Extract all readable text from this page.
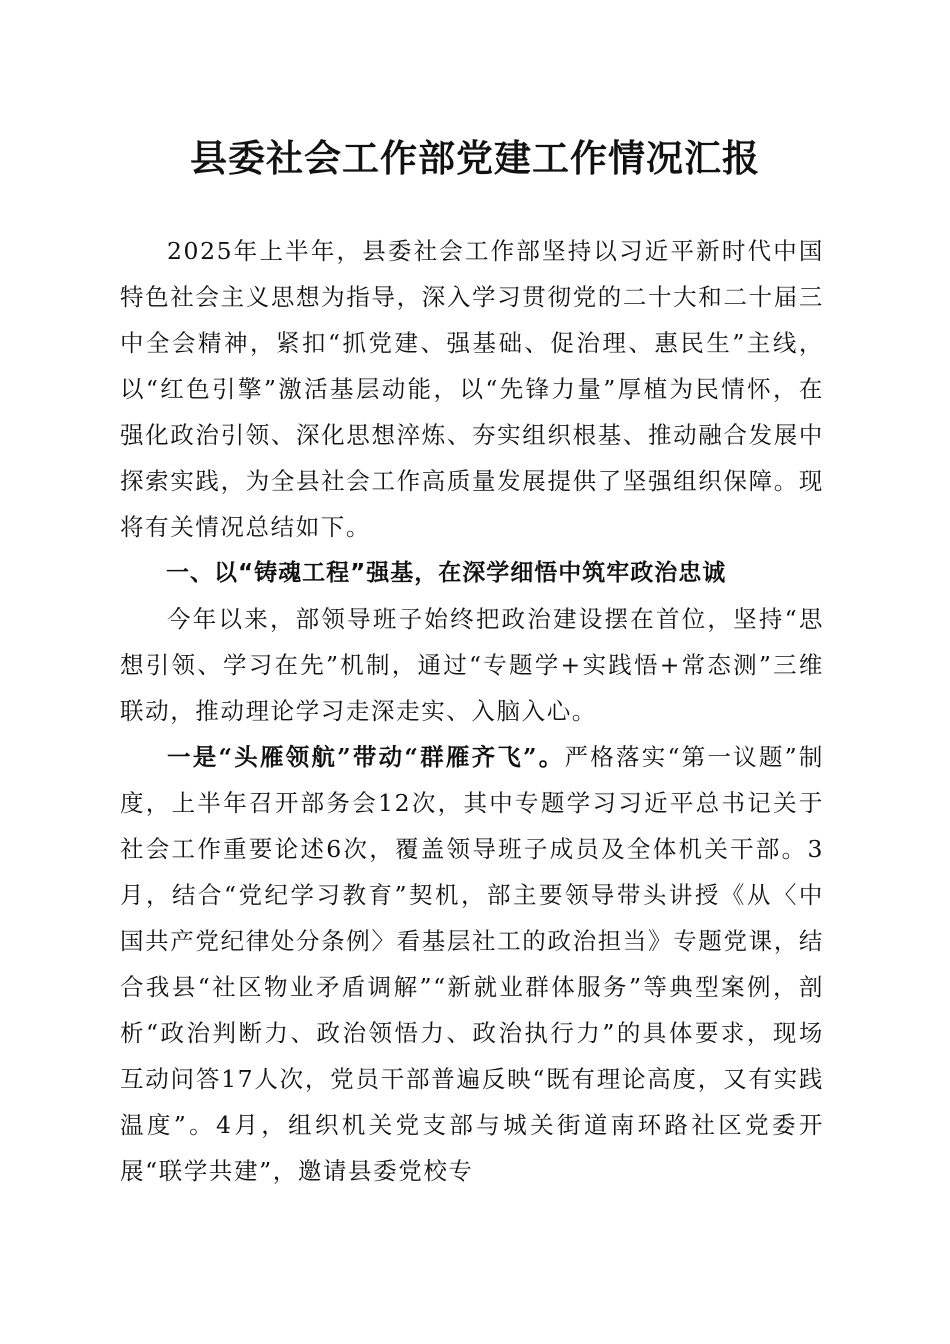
县委社会工作部党建工作情况汇报

2025年上半年，县委社会工作部坚持以习近平新时代中国特色社会主义思想为指导，深入学习贯彻党的二十大和二十届三中全会精神，紧扣“抓党建、强基础、促治理、惠民生”主线，以“红色引擎”激活基层动能，以“先锋力量”厚植为民情怀，在强化政治引领、深化思想淬炼、夯实组织根基、推动融合发展中探索实践，为全县社会工作高质量发展提供了坚强组织保障。现将有关情况总结如下。

一、以“铸魂工程”强基，在深学细悟中筑牢政治忠诚

今年以来，部领导班子始终把政治建设摆在首位，坚持“思想引领、学习在先”机制，通过“专题学+实践悟+常态测”三维联动，推动理论学习走深走实、入脑入心。

一是“头雁领航”带动“群雁齐飞”。严格落实“第一议题”制度，上半年召开部务会12次，其中专题学习习近平总书记关于社会工作重要论述6次，覆盖领导班子成员及全体机关干部。3月，结合“党纪学习教育”契机，部主要领导带头讲授《从〈中国共产党纪律处分条例〉看基层社工的政治担当》专题党课，结合我县“社区物业矛盾调解”“新就业群体服务”等典型案例，剖析“政治判断力、政治领悟力、政治执行力”的具体要求，现场互动问答17人次，党员干部普遍反映“既有理论高度，又有实践温度”。4月，组织机关党支部与城关街道南环路社区党委开展“联学共建”，邀请县委党校专
